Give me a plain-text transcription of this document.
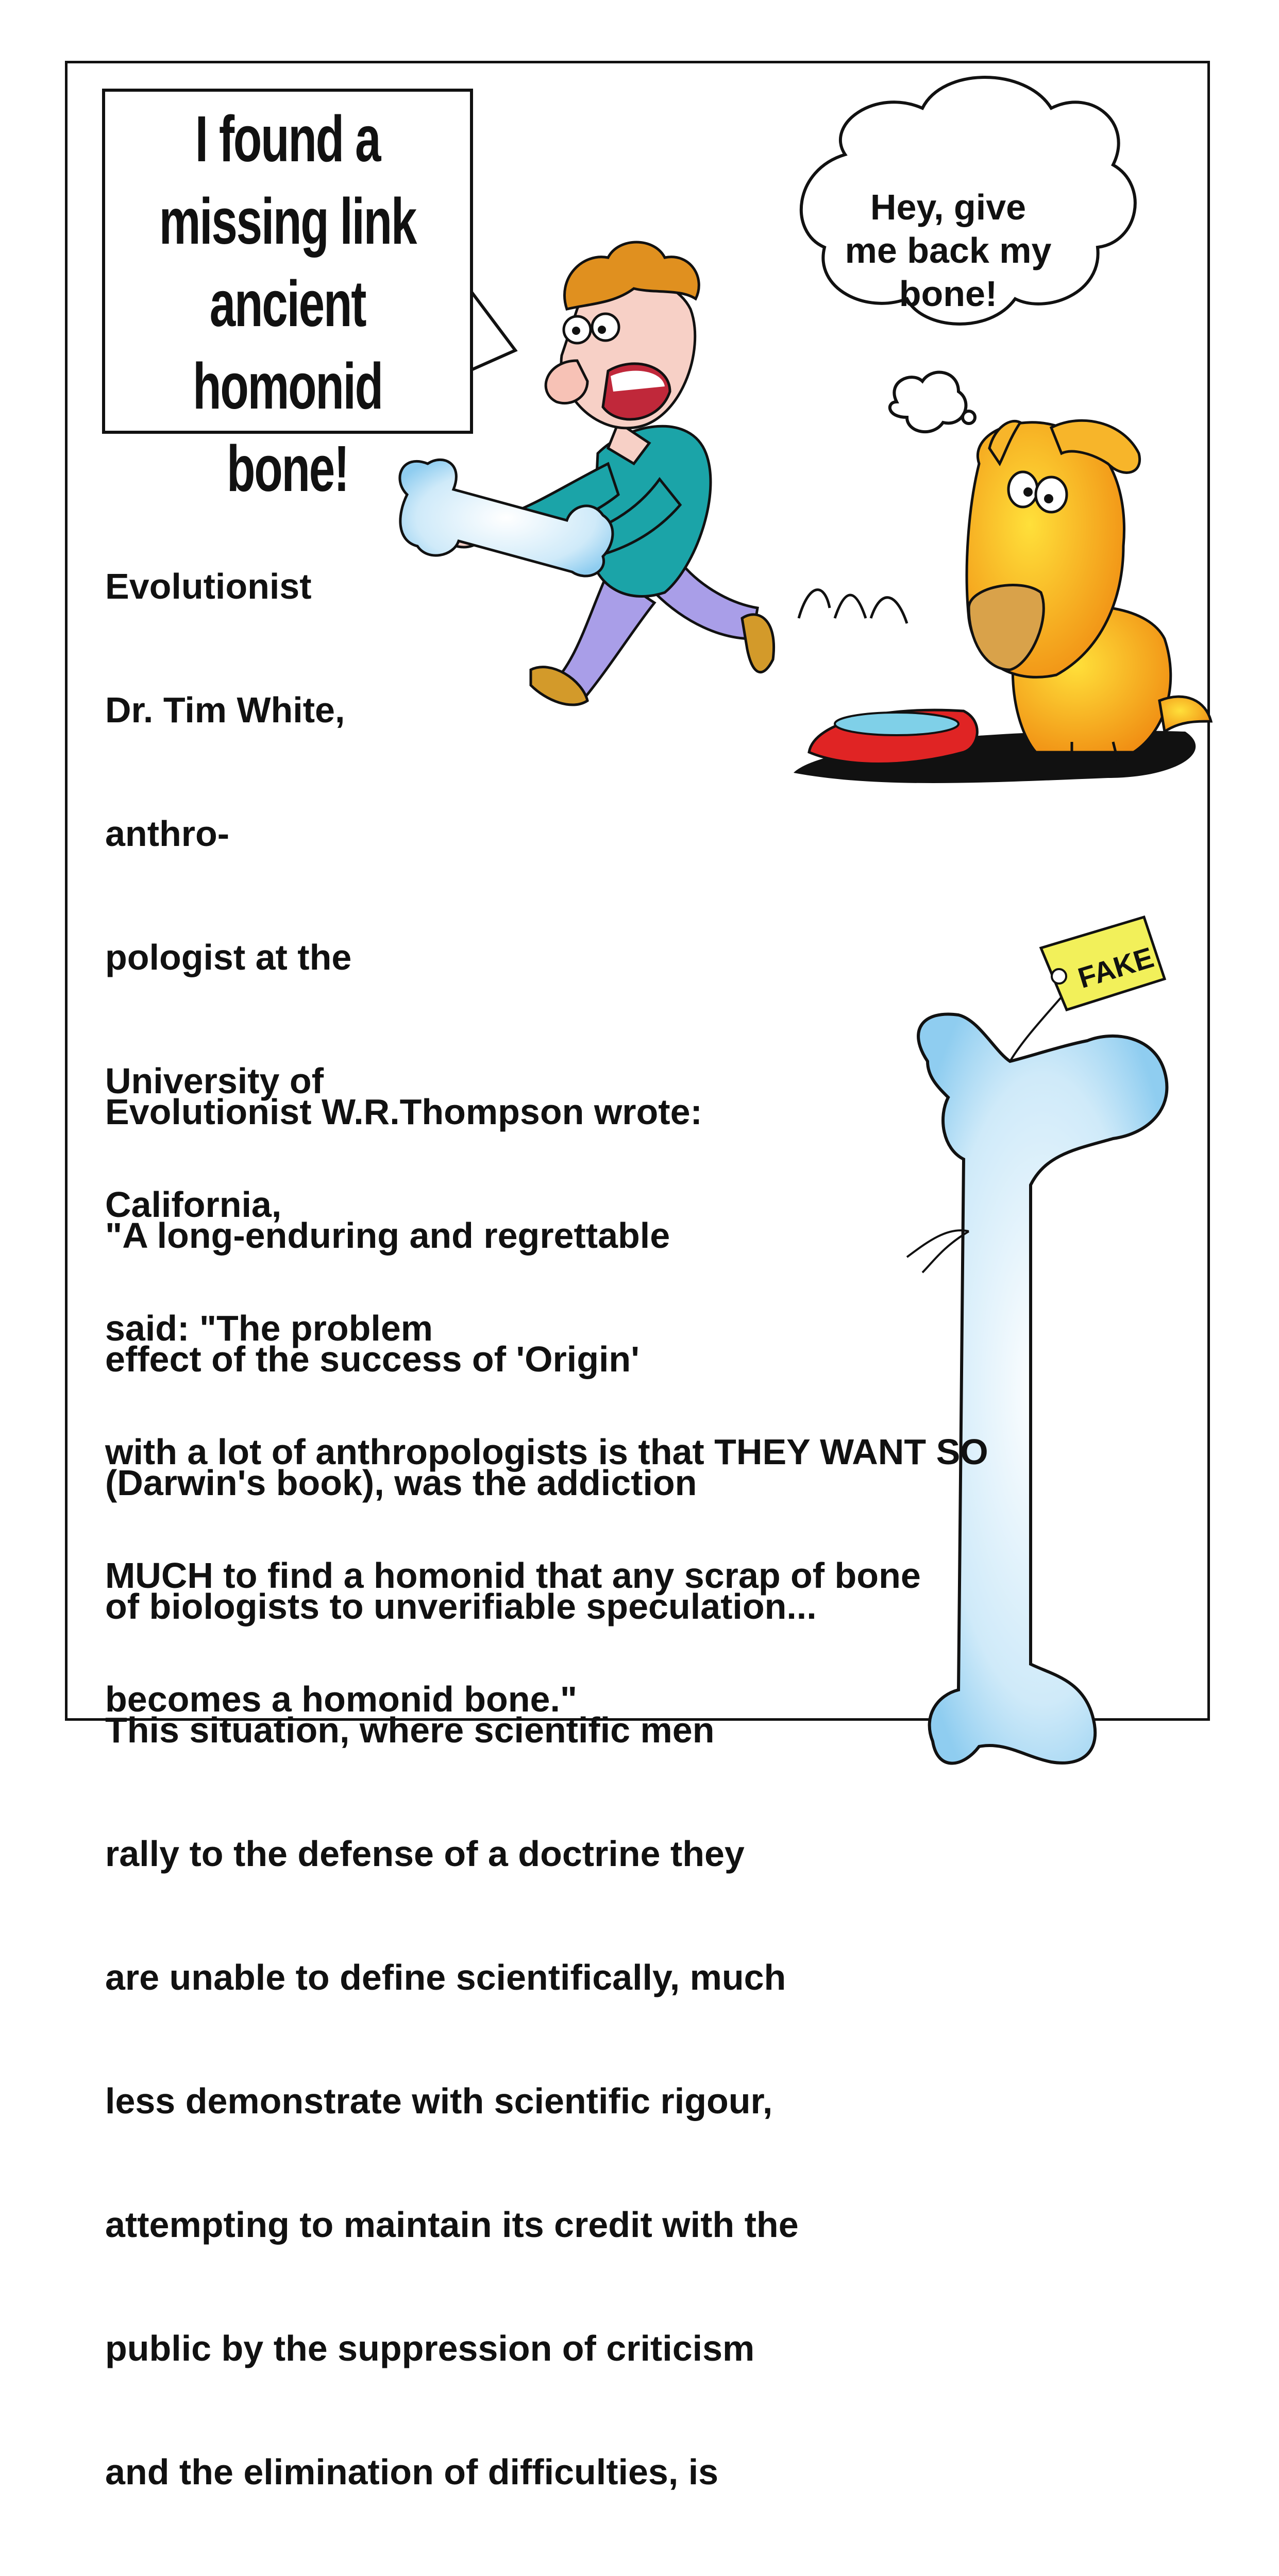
FAKE
I found a
missing link
ancient
homonid bone!
Hey, give
me back my
bone!

Evolutionist

Dr. Tim White,

anthro-

pologist at the

University of

California,

said: "The problem

with a lot of anthropologists is that THEY WANT SO

MUCH to find a homonid that any scrap of bone

becomes a homonid bone."

Evolutionist W.R.Thompson wrote:

"A long-enduring and regrettable

effect of the success of 'Origin'

(Darwin's book), was the addiction

of biologists to unverifiable speculation...

This situation, where scientific men

rally to the defense of a doctrine they

are unable to define scientifically, much

less demonstrate with scientific rigour,

attempting to maintain its credit with the

public by the suppression of criticism

and the elimination of difficulties, is
